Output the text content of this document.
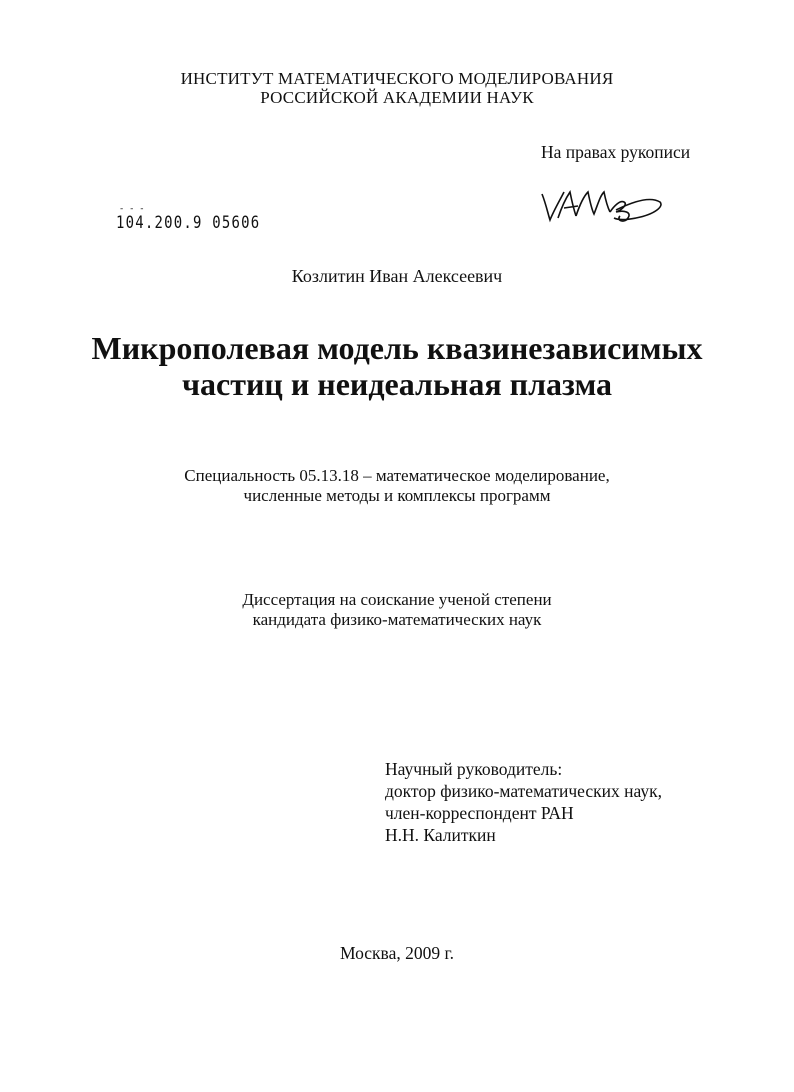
ИНСТИТУТ МАТЕМАТИЧЕСКОГО МОДЕЛИРОВАНИЯ
РОССИЙСКОЙ АКАДЕМИИ НАУК
На правах рукописи
- - -
104.200.9 05606
Козлитин Иван Алексеевич
Микрополевая модель квазинезависимых
частиц и неидеальная плазма
Специальность 05.13.18 – математическое моделирование,
численные методы и комплексы программ
Диссертация на соискание ученой степени
кандидата физико-математических наук
Научный руководитель:
доктор физико-математических наук,
член-корреспондент РАН
Н.Н. Калиткин
Москва, 2009 г.
